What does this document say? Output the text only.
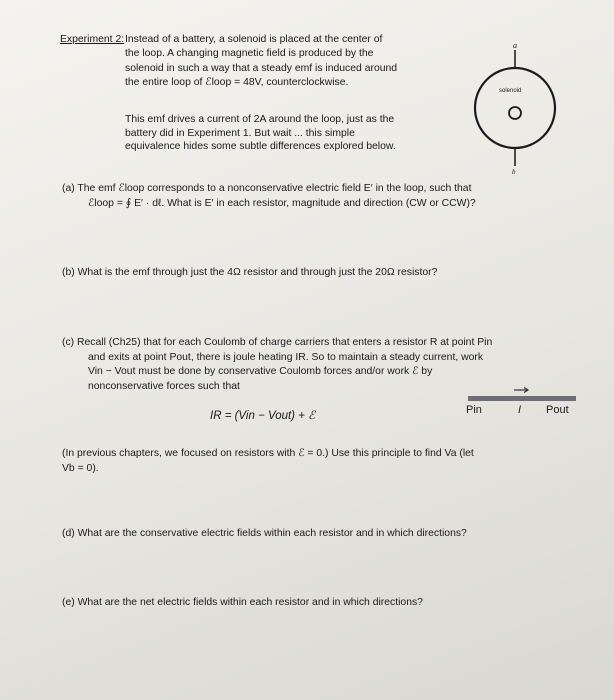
Experiment 2: Instead of a battery, a solenoid is placed at the center of
the loop. A changing magnetic field is produced by the
solenoid in such a way that a steady emf is induced around
the entire loop of ℰloop = 48V, counterclockwise.
This emf drives a current of 2A around the loop, just as the
battery did in Experiment 1. But wait ... this simple
equivalence hides some subtle differences explored below.
a
solenoid
b
(a) The emf ℰloop corresponds to a nonconservative electric field E′ in the loop, such that
ℰloop = ∮ E′ · dℓ. What is E′ in each resistor, magnitude and direction (CW or CCW)?
(b) What is the emf through just the 4Ω resistor and through just the 20Ω resistor?
(c) Recall (Ch25) that for each Coulomb of charge carriers that enters a resistor R at point Pin
and exits at point Pout, there is joule heating IR. So to maintain a steady current, work
Vin − Vout must be done by conservative Coulomb forces and/or work ℰ by
nonconservative forces such that
IR = (Vin − Vout) + ℰ	Pin	I Pout
(In previous chapters, we focused on resistors with ℰ = 0.) Use this principle to find Va (let
Vb = 0).
(d) What are the conservative electric fields within each resistor and in which directions?
(e) What are the net electric fields within each resistor and in which directions?
